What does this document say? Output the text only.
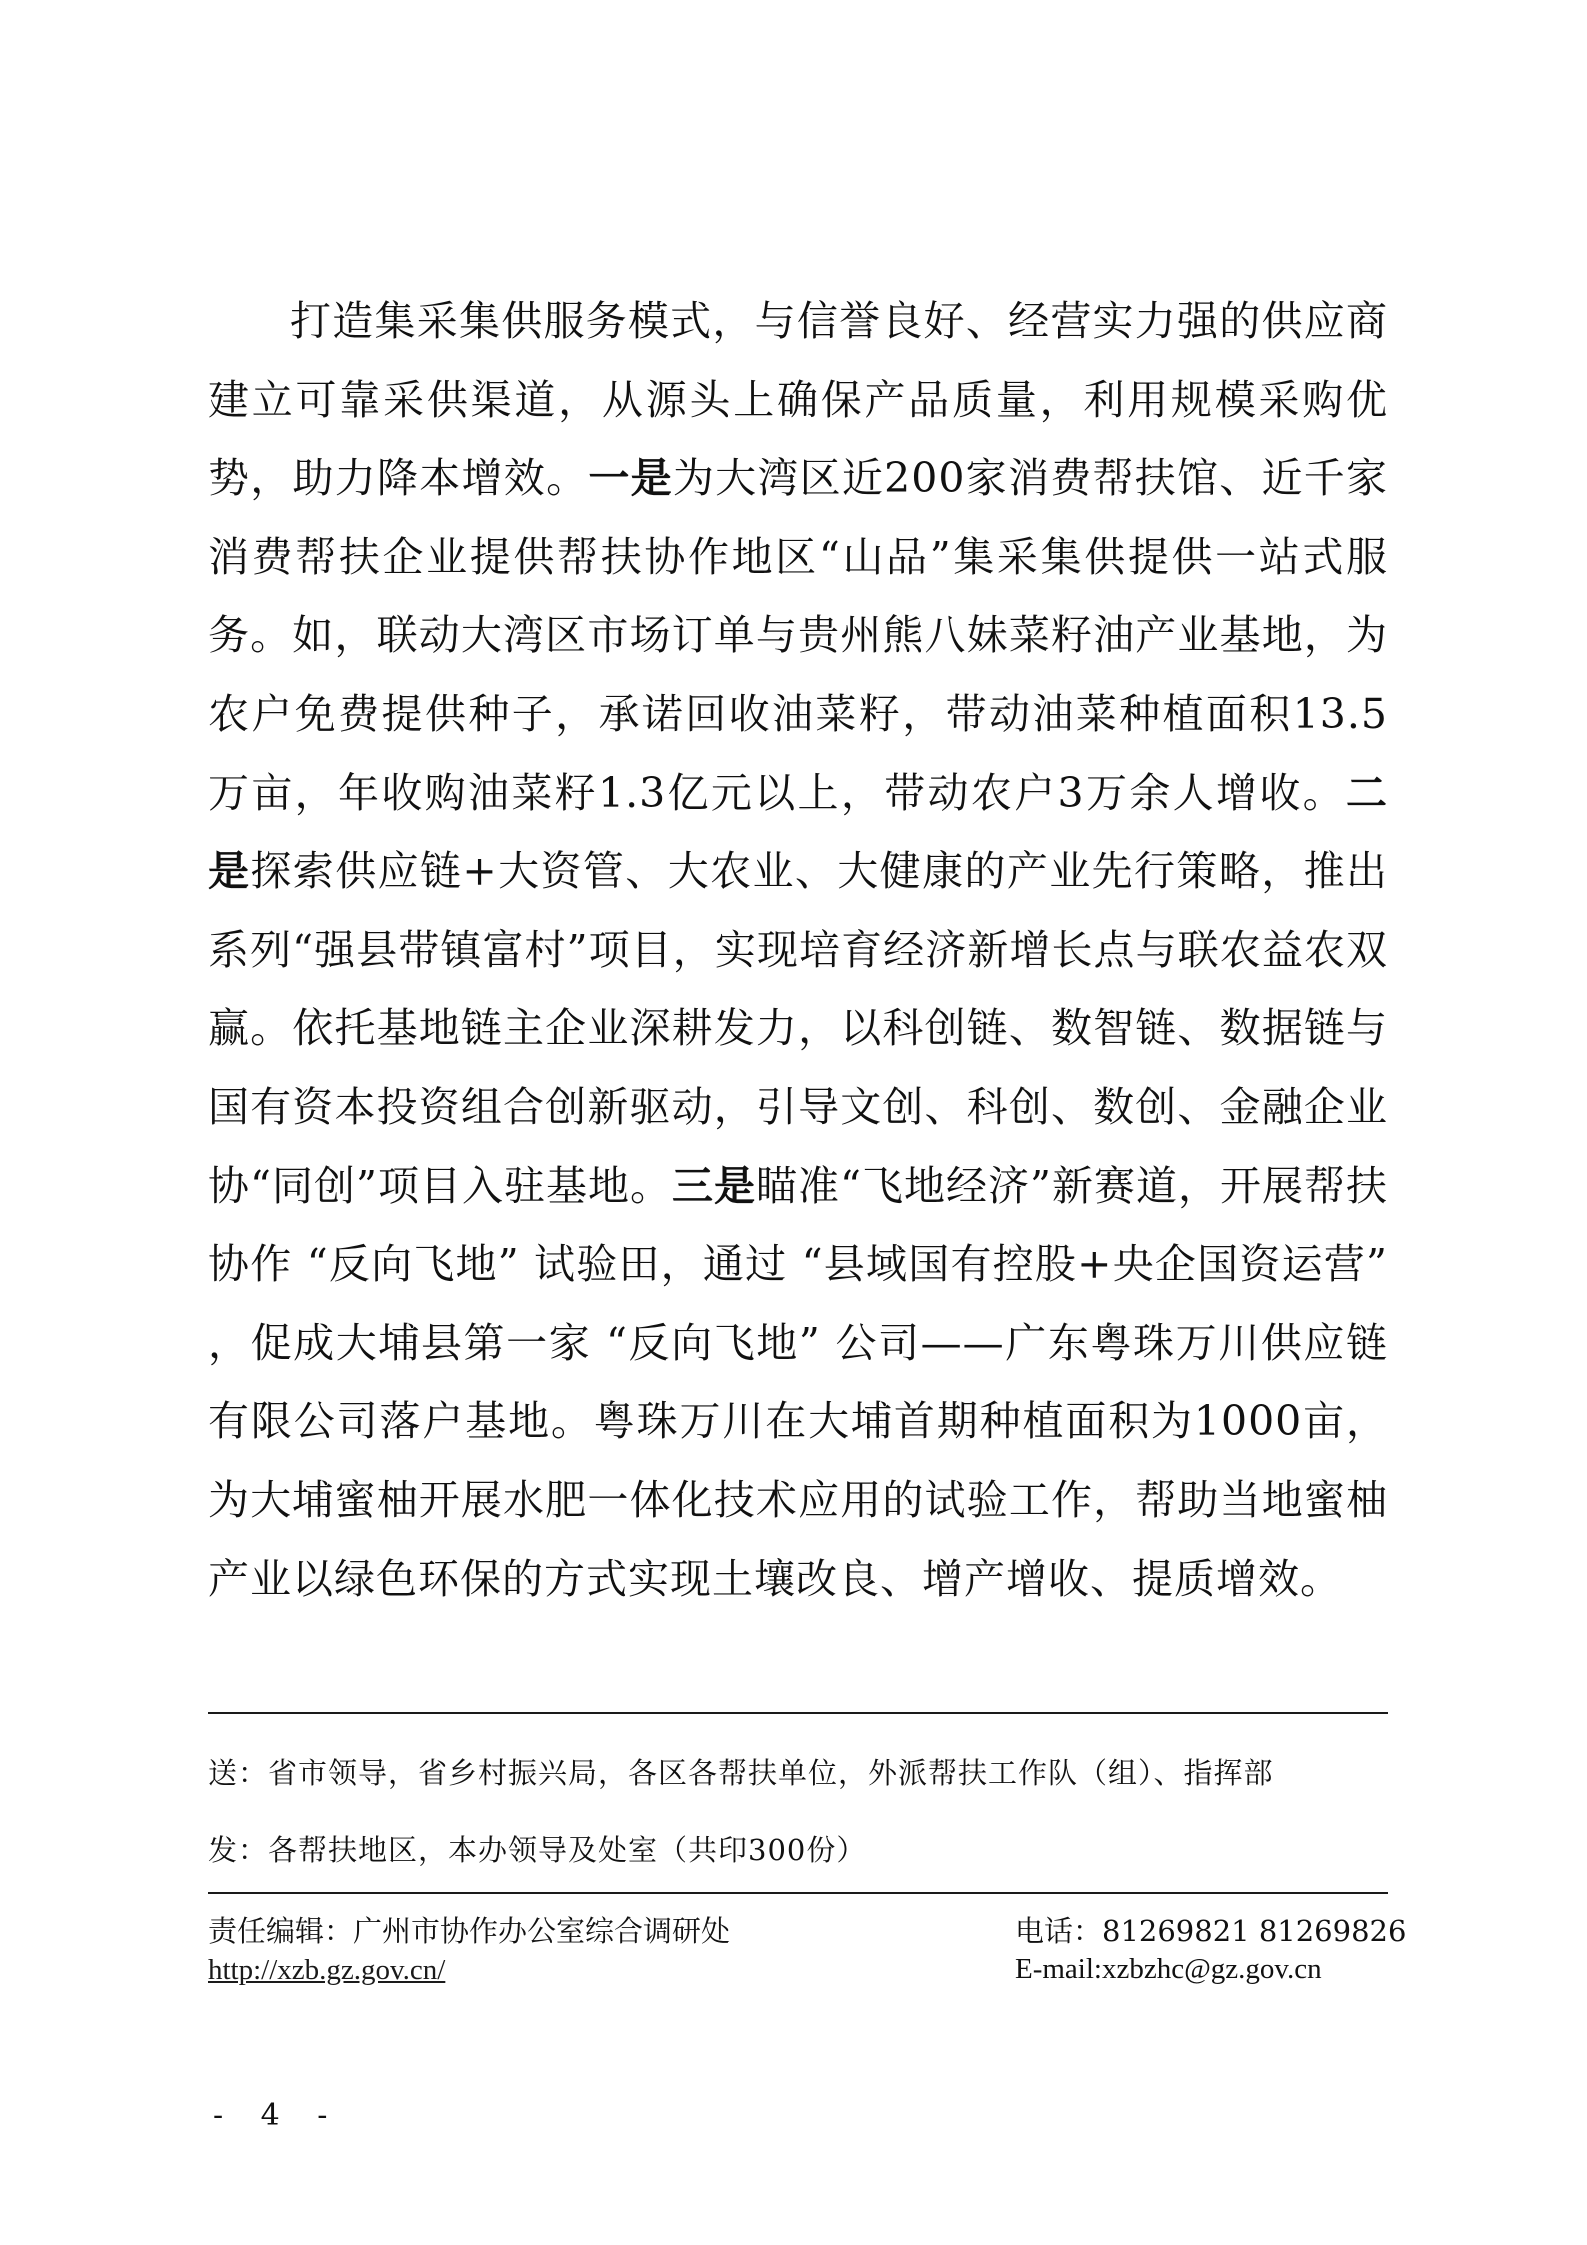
打造集采集供服务模式，与信誉良好、经营实力强的供应商建立可靠采供渠道，从源头上确保产品质量，利用规模采购优势，助力降本增效。一是为大湾区近200家消费帮扶馆、近千家消费帮扶企业提供帮扶协作地区“山品”集采集供提供一站式服务。如，联动大湾区市场订单与贵州熊八妹菜籽油产业基地，为农户免费提供种子，承诺回收油菜籽，带动油菜种植面积13.5万亩，年收购油菜籽1.3亿元以上，带动农户3万余人增收。二是探索供应链+大资管、大农业、大健康的产业先行策略，推出系列“强县带镇富村”项目，实现培育经济新增长点与联农益农双赢。依托基地链主企业深耕发力，以科创链、数智链、数据链与国有资本投资组合创新驱动，引导文创、科创、数创、金融企业协“同创”项目入驻基地。三是瞄准“飞地经济”新赛道，开展帮扶协作 “反向飞地” 试验田，通过 “县域国有控股+央企国资运营” ，促成大埔县第一家 “反向飞地” 公司——广东粤珠万川供应链有限公司落户基地。粤珠万川在大埔首期种植面积为1000亩，为大埔蜜柚开展水肥一体化技术应用的试验工作，帮助当地蜜柚产业以绿色环保的方式实现土壤改良、增产增收、提质增效。

送：省市领导，省乡村振兴局，各区各帮扶单位，外派帮扶工作队（组）、指挥部
发：各帮扶地区，本办领导及处室（共印300份）
责任编辑：广州市协作办公室综合调研处
http://xzb.gz.gov.cn/
电话：81269821 81269826
E-mail:xzbzhc@gz.gov.cn
- 4 -
